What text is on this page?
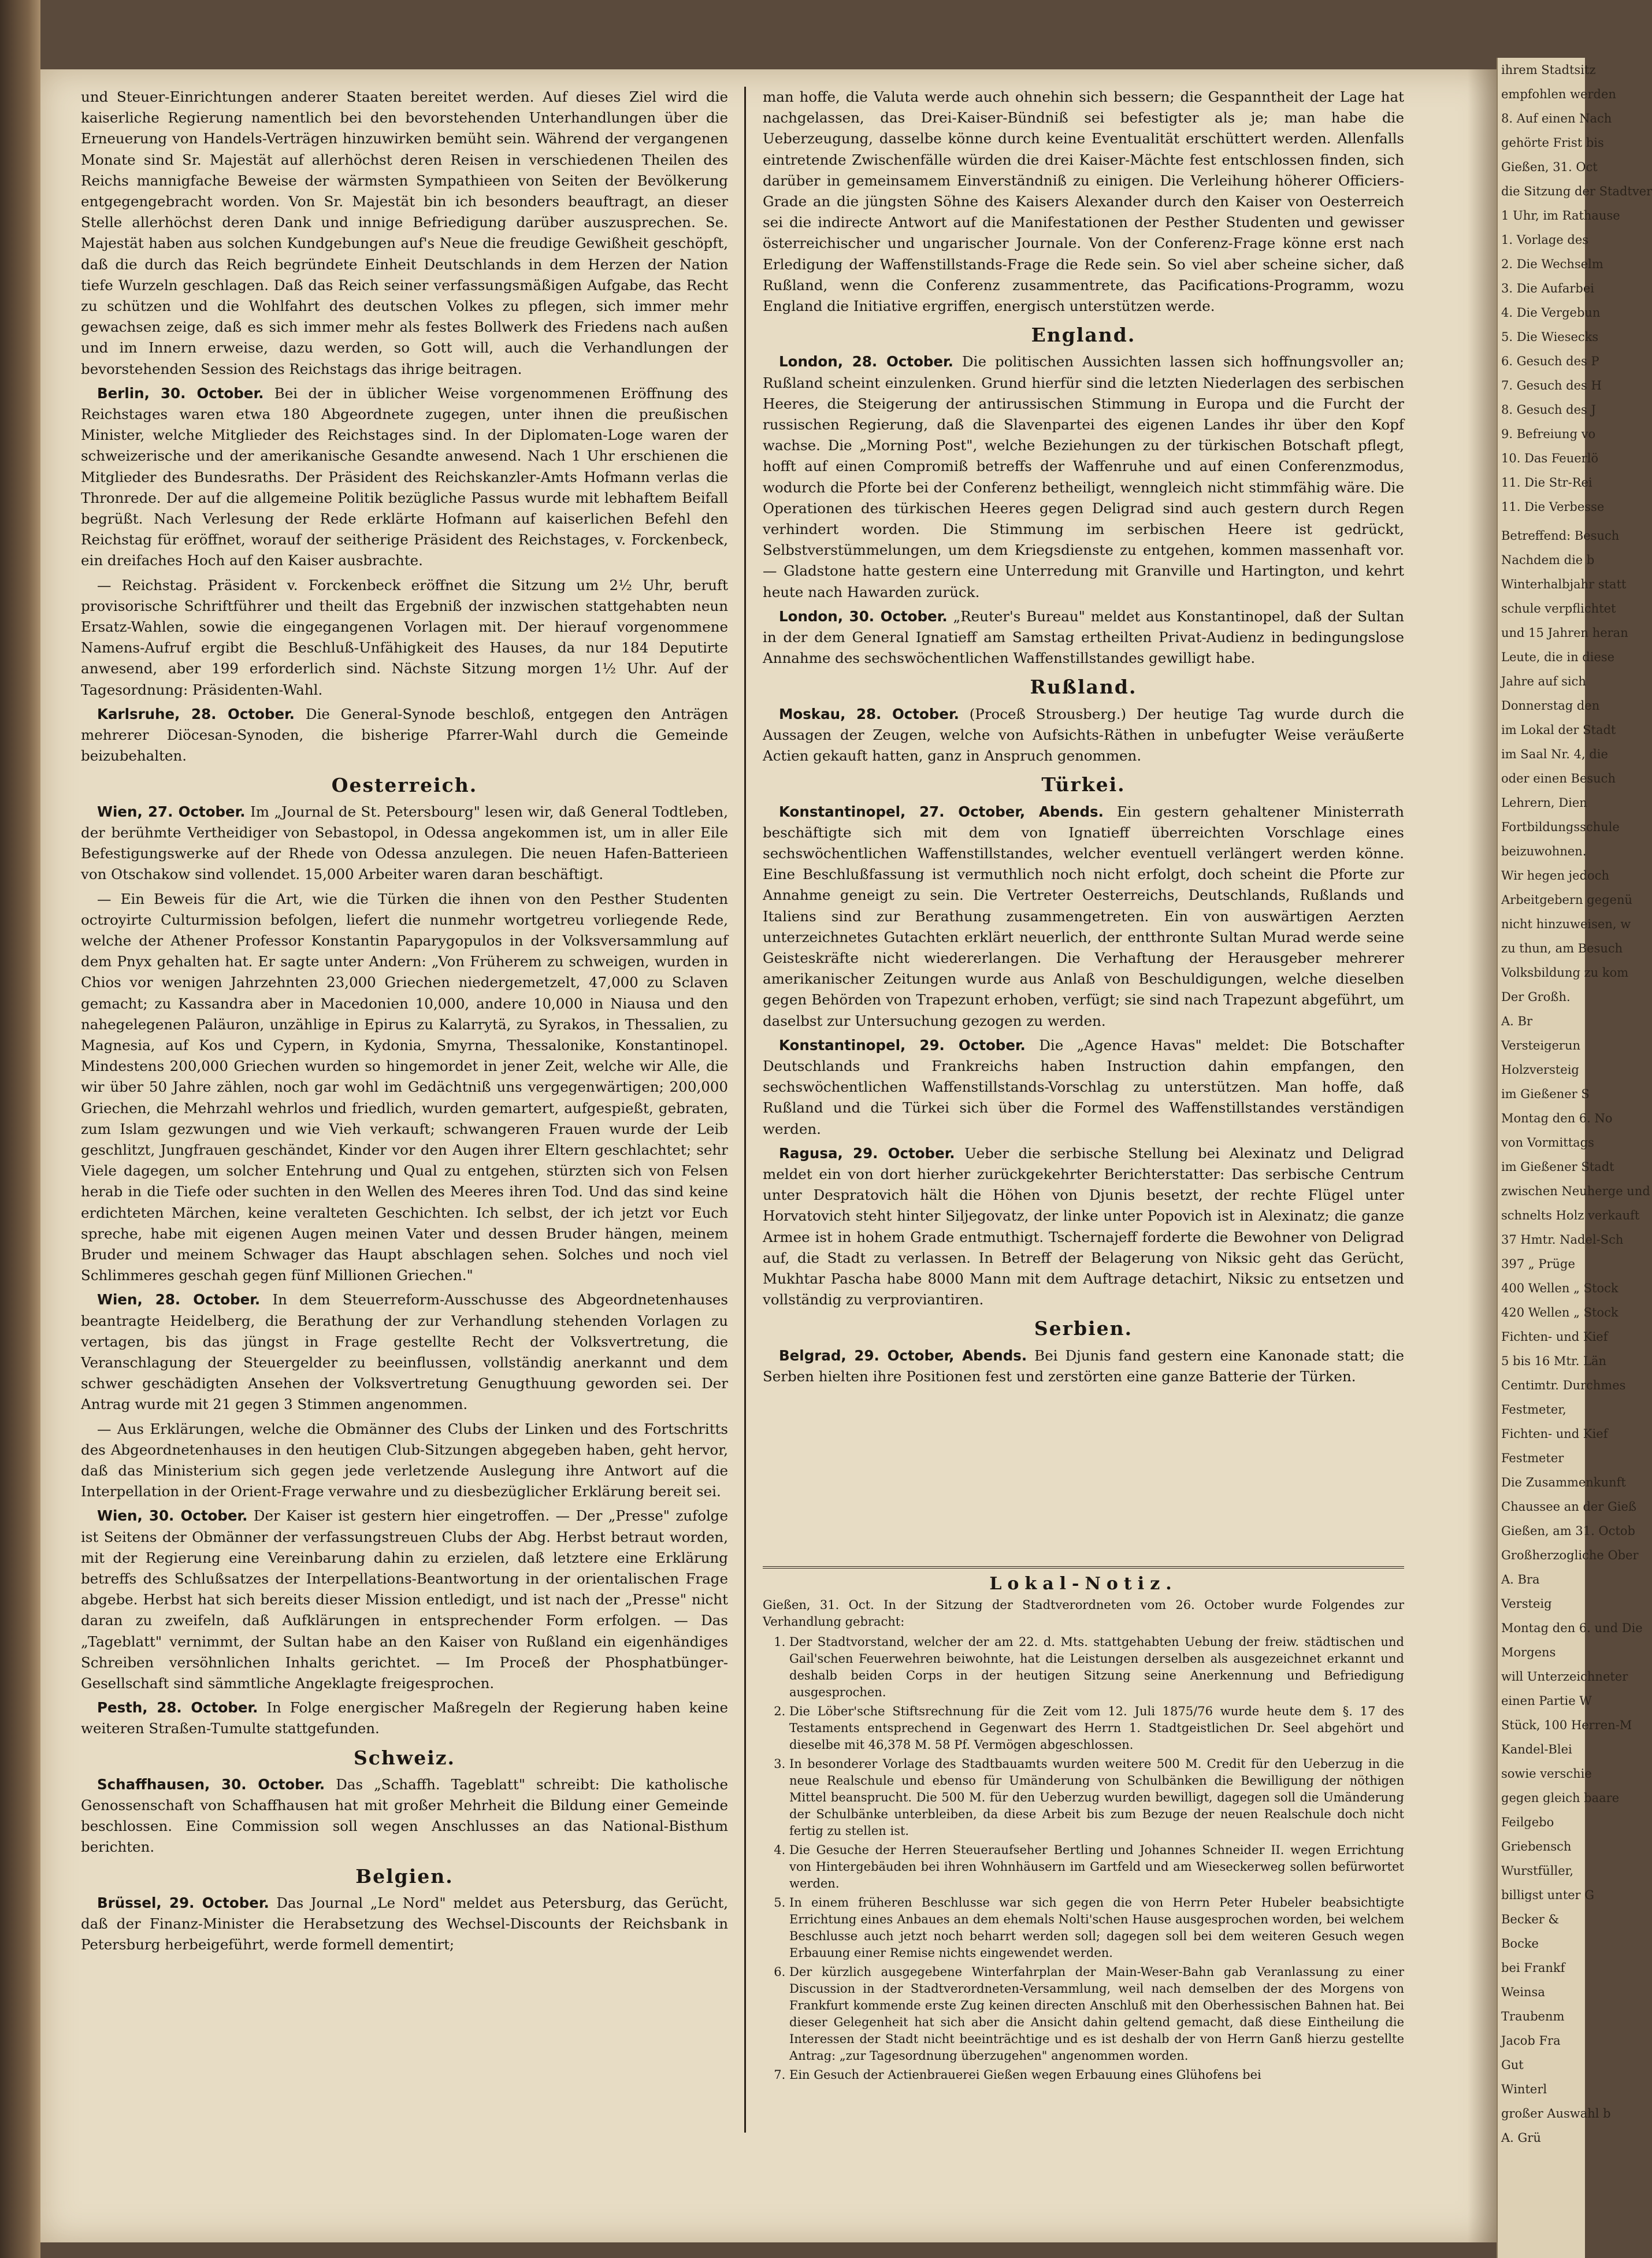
und Steuer-Einrichtungen anderer Staaten bereitet werden. Auf dieses Ziel wird die kaiserliche Regierung namentlich bei den bevorstehenden Unterhandlungen über die Erneuerung von Handels-Verträgen hinzuwirken bemüht sein. Während der vergangenen Monate sind Sr. Majestät auf allerhöchst deren Reisen in verschiedenen Theilen des Reichs mannigfache Beweise der wärmsten Sympathieen von Seiten der Bevölkerung entgegengebracht worden. Von Sr. Majestät bin ich besonders beauftragt, an dieser Stelle allerhöchst deren Dank und innige Befriedigung darüber auszusprechen. Se. Majestät haben aus solchen Kundgebungen auf's Neue die freudige Gewißheit geschöpft, daß die durch das Reich begründete Einheit Deutschlands in dem Herzen der Nation tiefe Wurzeln geschlagen. Daß das Reich seiner verfassungsmäßigen Aufgabe, das Recht zu schützen und die Wohlfahrt des deutschen Volkes zu pflegen, sich immer mehr gewachsen zeige, daß es sich immer mehr als festes Bollwerk des Friedens nach außen und im Innern erweise, dazu werden, so Gott will, auch die Verhandlungen der bevorstehenden Session des Reichstags das ihrige beitragen.

Berlin, 30. October. Bei der in üblicher Weise vorgenommenen Eröffnung des Reichstages waren etwa 180 Abgeordnete zugegen, unter ihnen die preußischen Minister, welche Mitglieder des Reichstages sind. In der Diplomaten-Loge waren der schweizerische und der amerikanische Gesandte anwesend. Nach 1 Uhr erschienen die Mitglieder des Bundesraths. Der Präsident des Reichskanzler-Amts Hofmann verlas die Thronrede. Der auf die allgemeine Politik bezügliche Passus wurde mit lebhaftem Beifall begrüßt. Nach Verlesung der Rede erklärte Hofmann auf kaiserlichen Befehl den Reichstag für eröffnet, worauf der seitherige Präsident des Reichstages, v. Forckenbeck, ein dreifaches Hoch auf den Kaiser ausbrachte.

— Reichstag. Präsident v. Forckenbeck eröffnet die Sitzung um 2½ Uhr, beruft provisorische Schriftführer und theilt das Ergebniß der inzwischen stattgehabten neun Ersatz-Wahlen, sowie die eingegangenen Vorlagen mit. Der hierauf vorgenommene Namens-Aufruf ergibt die Beschluß-Unfähigkeit des Hauses, da nur 184 Deputirte anwesend, aber 199 erforderlich sind. Nächste Sitzung morgen 1½ Uhr. Auf der Tagesordnung: Präsidenten-Wahl.

Karlsruhe, 28. October. Die General-Synode beschloß, entgegen den Anträgen mehrerer Diöcesan-Synoden, die bisherige Pfarrer-Wahl durch die Gemeinde beizubehalten.

Oesterreich.

Wien, 27. October. Im „Journal de St. Petersbourg" lesen wir, daß General Todtleben, der berühmte Vertheidiger von Sebastopol, in Odessa angekommen ist, um in aller Eile Befestigungswerke auf der Rhede von Odessa anzulegen. Die neuen Hafen-Batterieen von Otschakow sind vollendet. 15,000 Arbeiter waren daran beschäftigt.

— Ein Beweis für die Art, wie die Türken die ihnen von den Pesther Studenten octroyirte Culturmission befolgen, liefert die nunmehr wortgetreu vorliegende Rede, welche der Athener Professor Konstantin Paparygopulos in der Volksversammlung auf dem Pnyx gehalten hat. Er sagte unter Andern: „Von Früherem zu schweigen, wurden in Chios vor wenigen Jahrzehnten 23,000 Griechen niedergemetzelt, 47,000 zu Sclaven gemacht; zu Kassandra aber in Macedonien 10,000, andere 10,000 in Niausa und den nahegelegenen Paläuron, unzählige in Epirus zu Kalarrytä, zu Syrakos, in Thessalien, zu Magnesia, auf Kos und Cypern, in Kydonia, Smyrna, Thessalonike, Konstantinopel. Mindestens 200,000 Griechen wurden so hingemordet in jener Zeit, welche wir Alle, die wir über 50 Jahre zählen, noch gar wohl im Gedächtniß uns vergegenwärtigen; 200,000 Griechen, die Mehrzahl wehrlos und friedlich, wurden gemartert, aufgespießt, gebraten, zum Islam gezwungen und wie Vieh verkauft; schwangeren Frauen wurde der Leib geschlitzt, Jungfrauen geschändet, Kinder vor den Augen ihrer Eltern geschlachtet; sehr Viele dagegen, um solcher Entehrung und Qual zu entgehen, stürzten sich von Felsen herab in die Tiefe oder suchten in den Wellen des Meeres ihren Tod. Und das sind keine erdichteten Märchen, keine veralteten Geschichten. Ich selbst, der ich jetzt vor Euch spreche, habe mit eigenen Augen meinen Vater und dessen Bruder hängen, meinem Bruder und meinem Schwager das Haupt abschlagen sehen. Solches und noch viel Schlimmeres geschah gegen fünf Millionen Griechen."

Wien, 28. October. In dem Steuerreform-Ausschusse des Abgeordnetenhauses beantragte Heidelberg, die Berathung der zur Verhandlung stehenden Vorlagen zu vertagen, bis das jüngst in Frage gestellte Recht der Volksvertretung, die Veranschlagung der Steuergelder zu beeinflussen, vollständig anerkannt und dem schwer geschädigten Ansehen der Volksvertretung Genugthuung geworden sei. Der Antrag wurde mit 21 gegen 3 Stimmen angenommen.

— Aus Erklärungen, welche die Obmänner des Clubs der Linken und des Fortschritts des Abgeordnetenhauses in den heutigen Club-Sitzungen abgegeben haben, geht hervor, daß das Ministerium sich gegen jede verletzende Auslegung ihre Antwort auf die Interpellation in der Orient-Frage verwahre und zu diesbezüglicher Erklärung bereit sei.

Wien, 30. October. Der Kaiser ist gestern hier eingetroffen. — Der „Presse" zufolge ist Seitens der Obmänner der verfassungstreuen Clubs der Abg. Herbst betraut worden, mit der Regierung eine Vereinbarung dahin zu erzielen, daß letztere eine Erklärung betreffs des Schlußsatzes der Interpellations-Beantwortung in der orientalischen Frage abgebe. Herbst hat sich bereits dieser Mission entledigt, und ist nach der „Presse" nicht daran zu zweifeln, daß Aufklärungen in entsprechender Form erfolgen. — Das „Tageblatt" vernimmt, der Sultan habe an den Kaiser von Rußland ein eigenhändiges Schreiben versöhnlichen Inhalts gerichtet. — Im Proceß der Phosphatbünger-Gesellschaft sind sämmtliche Angeklagte freigesprochen.

Pesth, 28. October. In Folge energischer Maßregeln der Regierung haben keine weiteren Straßen-Tumulte stattgefunden.

Schweiz.

Schaffhausen, 30. October. Das „Schaffh. Tageblatt" schreibt: Die katholische Genossenschaft von Schaffhausen hat mit großer Mehrheit die Bildung einer Gemeinde beschlossen. Eine Commission soll wegen Anschlusses an das National-Bisthum berichten.

Belgien.

Brüssel, 29. October. Das Journal „Le Nord" meldet aus Petersburg, das Gerücht, daß der Finanz-Minister die Herabsetzung des Wechsel-Discounts der Reichsbank in Petersburg herbeigeführt, werde formell dementirt;

man hoffe, die Valuta werde auch ohnehin sich bessern; die Gespanntheit der Lage hat nachgelassen, das Drei-Kaiser-Bündniß sei befestigter als je; man habe die Ueberzeugung, dasselbe könne durch keine Eventualität erschüttert werden. Allenfalls eintretende Zwischenfälle würden die drei Kaiser-Mächte fest entschlossen finden, sich darüber in gemeinsamem Einverständniß zu einigen. Die Verleihung höherer Officiers-Grade an die jüngsten Söhne des Kaisers Alexander durch den Kaiser von Oesterreich sei die indirecte Antwort auf die Manifestationen der Pesther Studenten und gewisser österreichischer und ungarischer Journale. Von der Conferenz-Frage könne erst nach Erledigung der Waffenstillstands-Frage die Rede sein. So viel aber scheine sicher, daß Rußland, wenn die Conferenz zusammentrete, das Pacifications-Programm, wozu England die Initiative ergriffen, energisch unterstützen werde.

England.

London, 28. October. Die politischen Aussichten lassen sich hoffnungsvoller an; Rußland scheint einzulenken. Grund hierfür sind die letzten Niederlagen des serbischen Heeres, die Steigerung der antirussischen Stimmung in Europa und die Furcht der russischen Regierung, daß die Slavenpartei des eigenen Landes ihr über den Kopf wachse. Die „Morning Post", welche Beziehungen zu der türkischen Botschaft pflegt, hofft auf einen Compromiß betreffs der Waffenruhe und auf einen Conferenzmodus, wodurch die Pforte bei der Conferenz betheiligt, wenngleich nicht stimmfähig wäre. Die Operationen des türkischen Heeres gegen Deligrad sind auch gestern durch Regen verhindert worden. Die Stimmung im serbischen Heere ist gedrückt, Selbstverstümmelungen, um dem Kriegsdienste zu entgehen, kommen massenhaft vor. — Gladstone hatte gestern eine Unterredung mit Granville und Hartington, und kehrt heute nach Hawarden zurück.

London, 30. October. „Reuter's Bureau" meldet aus Konstantinopel, daß der Sultan in der dem General Ignatieff am Samstag ertheilten Privat-Audienz in bedingungslose Annahme des sechswöchentlichen Waffenstillstandes gewilligt habe.

Rußland.

Moskau, 28. October. (Proceß Strousberg.) Der heutige Tag wurde durch die Aussagen der Zeugen, welche von Aufsichts-Räthen in unbefugter Weise veräußerte Actien gekauft hatten, ganz in Anspruch genommen.

Türkei.

Konstantinopel, 27. October, Abends. Ein gestern gehaltener Ministerrath beschäftigte sich mit dem von Ignatieff überreichten Vorschlage eines sechswöchentlichen Waffenstillstandes, welcher eventuell verlängert werden könne. Eine Beschlußfassung ist vermuthlich noch nicht erfolgt, doch scheint die Pforte zur Annahme geneigt zu sein. Die Vertreter Oesterreichs, Deutschlands, Rußlands und Italiens sind zur Berathung zusammengetreten. Ein von auswärtigen Aerzten unterzeichnetes Gutachten erklärt neuerlich, der entthronte Sultan Murad werde seine Geisteskräfte nicht wiedererlangen. Die Verhaftung der Herausgeber mehrerer amerikanischer Zeitungen wurde aus Anlaß von Beschuldigungen, welche dieselben gegen Behörden von Trapezunt erhoben, verfügt; sie sind nach Trapezunt abgeführt, um daselbst zur Untersuchung gezogen zu werden.

Konstantinopel, 29. October. Die „Agence Havas" meldet: Die Botschafter Deutschlands und Frankreichs haben Instruction dahin empfangen, den sechswöchentlichen Waffenstillstands-Vorschlag zu unterstützen. Man hoffe, daß Rußland und die Türkei sich über die Formel des Waffenstillstandes verständigen werden.

Ragusa, 29. October. Ueber die serbische Stellung bei Alexinatz und Deligrad meldet ein von dort hierher zurückgekehrter Berichterstatter: Das serbische Centrum unter Despratovich hält die Höhen von Djunis besetzt, der rechte Flügel unter Horvatovich steht hinter Siljegovatz, der linke unter Popovich ist in Alexinatz; die ganze Armee ist in hohem Grade entmuthigt. Tschernajeff forderte die Bewohner von Deligrad auf, die Stadt zu verlassen. In Betreff der Belagerung von Niksic geht das Gerücht, Mukhtar Pascha habe 8000 Mann mit dem Auftrage detachirt, Niksic zu entsetzen und vollständig zu verproviantiren.

Serbien.

Belgrad, 29. October, Abends. Bei Djunis fand gestern eine Kanonade statt; die Serben hielten ihre Positionen fest und zerstörten eine ganze Batterie der Türken.

Lokal-Notiz.

Gießen, 31. Oct. In der Sitzung der Stadtverordneten vom 26. October wurde Folgendes zur Verhandlung gebracht:

1. Der Stadtvorstand, welcher der am 22. d. Mts. stattgehabten Uebung der freiw. städtischen und Gail'schen Feuerwehren beiwohnte, hat die Leistungen derselben als ausgezeichnet erkannt und deshalb beiden Corps in der heutigen Sitzung seine Anerkennung und Befriedigung ausgesprochen.
2. Die Löber'sche Stiftsrechnung für die Zeit vom 12. Juli 1875/76 wurde heute dem §. 17 des Testaments entsprechend in Gegenwart des Herrn 1. Stadtgeistlichen Dr. Seel abgehört und dieselbe mit 46,378 M. 58 Pf. Vermögen abgeschlossen.
3. In besonderer Vorlage des Stadtbauamts wurden weitere 500 M. Credit für den Ueberzug in die neue Realschule und ebenso für Umänderung von Schulbänken die Bewilligung der nöthigen Mittel beansprucht. Die 500 M. für den Ueberzug wurden bewilligt, dagegen soll die Umänderung der Schulbänke unterbleiben, da diese Arbeit bis zum Bezuge der neuen Realschule doch nicht fertig zu stellen ist.
4. Die Gesuche der Herren Steueraufseher Bertling und Johannes Schneider II. wegen Errichtung von Hintergebäuden bei ihren Wohnhäusern im Gartfeld und am Wieseckerweg sollen befürwortet werden.
5. In einem früheren Beschlusse war sich gegen die von Herrn Peter Hubeler beabsichtigte Errichtung eines Anbaues an dem ehemals Nolti'schen Hause ausgesprochen worden, bei welchem Beschlusse auch jetzt noch beharrt werden soll; dagegen soll bei dem weiteren Gesuch wegen Erbauung einer Remise nichts eingewendet werden.
6. Der kürzlich ausgegebene Winterfahrplan der Main-Weser-Bahn gab Veranlassung zu einer Discussion in der Stadtverordneten-Versammlung, weil nach demselben der des Morgens von Frankfurt kommende erste Zug keinen directen Anschluß mit den Oberhessischen Bahnen hat. Bei dieser Gelegenheit hat sich aber die Ansicht dahin geltend gemacht, daß diese Eintheilung die Interessen der Stadt nicht beeinträchtige und es ist deshalb der von Herrn Ganß hierzu gestellte Antrag: „zur Tagesordnung überzugehen" angenommen worden.
7. Ein Gesuch der Actienbrauerei Gießen wegen Erbauung eines Glühofens bei

ihrem Stadtsitz

empfohlen werden

8. Auf einen Nach

gehörte Frist bis

Gießen, 31. Oct

die Sitzung der Stadtver

1 Uhr, im Rathause

1. Vorlage des

2. Die Wechselm

3. Die Aufarbei

4. Die Vergebun

5. Die Wiesecks

6. Gesuch des P

7. Gesuch des H

8. Gesuch des J

9. Befreiung vo

10. Das Feuerlö

11. Die Str-Rei

11. Die Verbesse

Betreffend: Besuch

Nachdem die b

Winterhalbjahr statt

schule verpflichtet

und 15 Jahren heran

Leute, die in diese

Jahre auf sich

Donnerstag den

im Lokal der Stadt

im Saal Nr. 4, die

oder einen Besuch

Lehrern, Dien

Fortbildungsschule

beizuwohnen.

Wir hegen jedoch

Arbeitgebern gegenü

nicht hinzuweisen, w

zu thun, am Besuch

Volksbildung zu kom

Der Großh.

A. Br

Versteigerun

Holzversteig

im Gießener S

Montag den 6. No

von Vormittags

im Gießener Stadt

zwischen Neuherge und

schnelts Holz verkauft

37 Hmtr. Nadel-Sch

397 „ Prüge

400 Wellen „ Stock

420 Wellen „ Stock

Fichten- und Kief

5 bis 16 Mtr. Län

Centimtr. Durchmes

Festmeter,

Fichten- und Kief

Festmeter

Die Zusammenkunft

Chaussee an der Gieß

Gießen, am 31. Octob

Großherzogliche Ober

A. Bra

Versteig

Montag den 6. und Die

Morgens

will Unterzeichneter

einen Partie W

Stück, 100 Herren-M

Kandel-Blei

sowie verschie

gegen gleich baare

Feilgebo

Griebensch

Wurstfüller,

billigst unter G

Becker &

Bocke

bei Frankf

Weinsa

Traubenm

Jacob Fra

Gut

Winterl

großer Auswahl b

A. Grü
